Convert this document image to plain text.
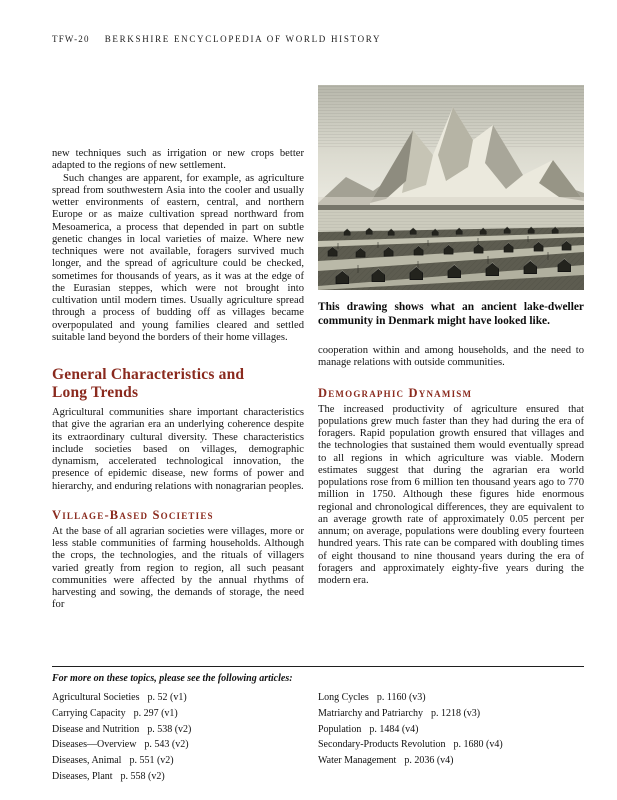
TFW-20 BERKSHIRE ENCYCLOPEDIA OF WORLD HISTORY

new techniques such as irrigation or new crops better adapted to the regions of new settlement.

Such changes are apparent, for example, as agriculture spread from southwestern Asia into the cooler and usually wetter environments of eastern, central, and northern Europe or as maize cultivation spread northward from Mesoamerica, a process that depended in part on subtle genetic changes in local varieties of maize. Where new techniques were not available, foragers survived much longer, and the spread of agriculture could be checked, sometimes for thousands of years, as it was at the edge of the Eurasian steppes, which were not brought into cultivation until modern times. Usually agriculture spread through a process of budding off as villages became overpopulated and young families cleared and settled suitable land beyond the borders of their home villages.

General Characteristics and Long Trends

Agricultural communities share important characteristics that give the agrarian era an underlying coherence despite its extraordinary cultural diversity. These characteristics include societies based on villages, demographic dynamism, accelerated technological innovation, the presence of epidemic disease, new forms of power and hierarchy, and enduring relations with nonagrarian peoples.

Village-Based Societies

At the base of all agrarian societies were villages, more or less stable communities of farming households. Although the crops, the technologies, and the rituals of villagers varied greatly from region to region, all such peasant communities were affected by the annual rhythms of harvesting and sowing, the demands of storage, the need for

This drawing shows what an ancient lake-dweller community in Denmark might have looked like.

cooperation within and among households, and the need to manage relations with outside communities.

Demographic Dynamism

The increased productivity of agriculture ensured that populations grew much faster than they had during the era of foragers. Rapid population growth ensured that villages and the technologies that sustained them would eventually spread to all regions in which agriculture was viable. Modern estimates suggest that during the agrarian era world populations rose from 6 million ten thousand years ago to 770 million in 1750. Although these figures hide enormous regional and chronological differences, they are equivalent to an average growth rate of approximately 0.05 percent per annum; on average, populations were doubling every fourteen hundred years. This rate can be compared with doubling times of eight thousand to nine thousand years during the era of foragers and approximately eighty-five years during the modern era.

For more on these topics, please see the following articles:

Agricultural Societies p. 52 (v1)
Carrying Capacity p. 297 (v1)
Disease and Nutrition p. 538 (v2)
Diseases—Overview p. 543 (v2)
Diseases, Animal p. 551 (v2)
Diseases, Plant p. 558 (v2)
Long Cycles p. 1160 (v3)
Matriarchy and Patriarchy p. 1218 (v3)
Population p. 1484 (v4)
Secondary-Products Revolution p. 1680 (v4)
Water Management p. 2036 (v4)
